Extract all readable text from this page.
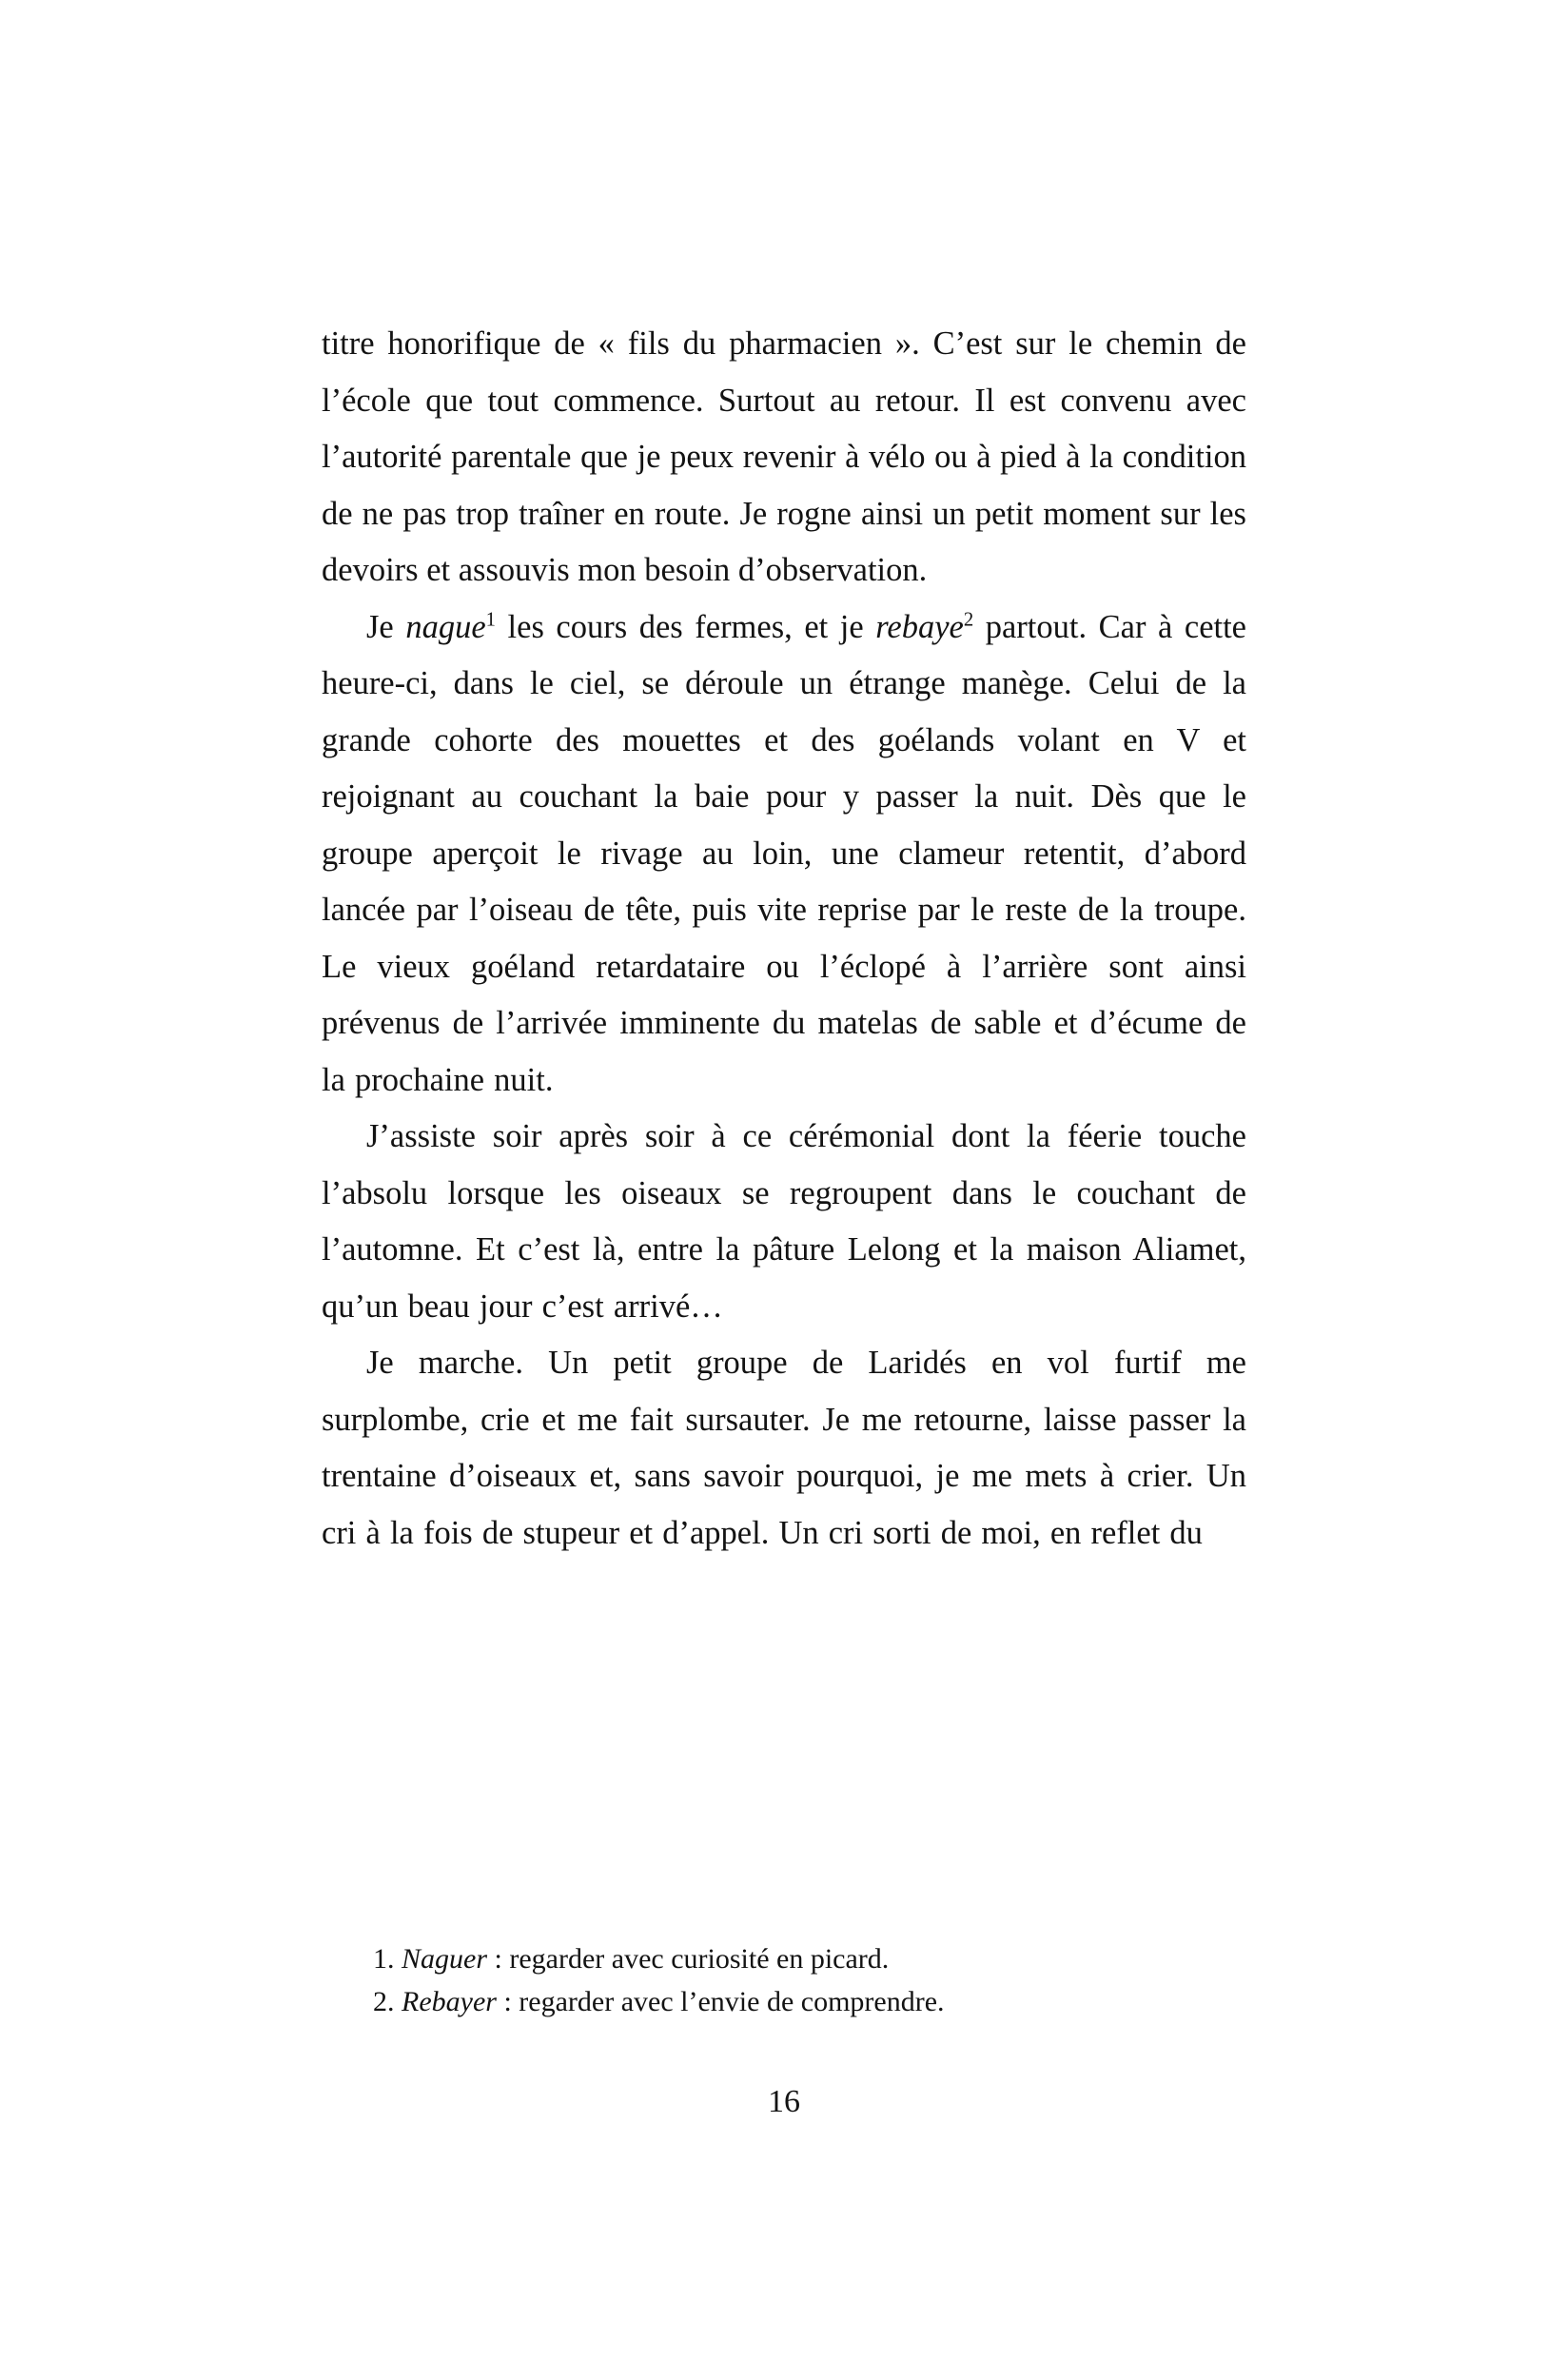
titre honorifique de « fils du pharmacien ». C’est sur le chemin de l’école que tout commence. Surtout au retour. Il est convenu avec l’autorité parentale que je peux revenir à vélo ou à pied à la condition de ne pas trop traîner en route. Je rogne ainsi un petit moment sur les devoirs et assouvis mon besoin d’observation.

Je nague$^1$ les cours des fermes, et je rebaye$^2$ partout. Car à cette heure-ci, dans le ciel, se déroule un étrange manège. Celui de la grande cohorte des mouettes et des goélands volant en V et rejoignant au couchant la baie pour y passer la nuit. Dès que le groupe aperçoit le rivage au loin, une clameur retentit, d’abord lancée par l’oiseau de tête, puis vite reprise par le reste de la troupe. Le vieux goéland retardataire ou l’éclopé à l’arrière sont ainsi prévenus de l’arrivée imminente du matelas de sable et d’écume de la prochaine nuit.

J’assiste soir après soir à ce cérémonial dont la féerie touche l’absolu lorsque les oiseaux se regroupent dans le couchant de l’automne. Et c’est là, entre la pâture Lelong et la maison Aliamet, qu’un beau jour c’est arrivé…

Je marche. Un petit groupe de Laridés en vol furtif me surplombe, crie et me fait sursauter. Je me retourne, laisse passer la trentaine d’oiseaux et, sans savoir pourquoi, je me mets à crier. Un cri à la fois de stupeur et d’appel. Un cri sorti de moi, en reflet du

1. Naguer : regarder avec curiosité en picard.

2. Rebayer : regarder avec l’envie de comprendre.

16
